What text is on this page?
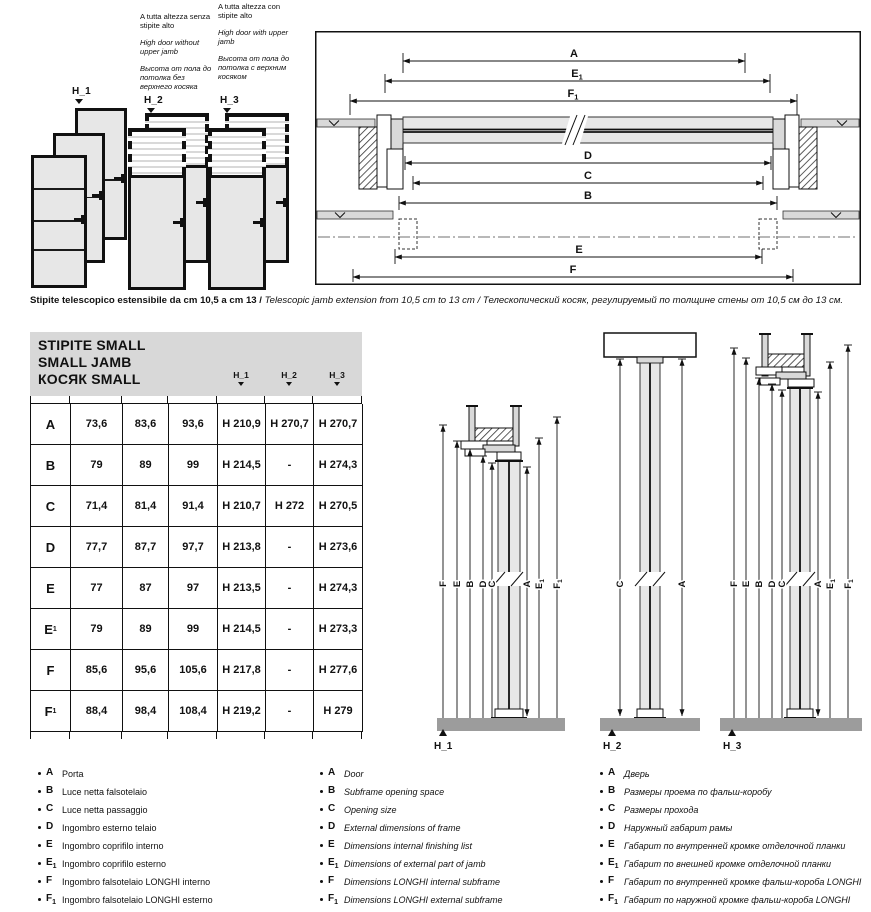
A tutta altezza senza stipite alto
High door without upper jamb
Высота от пола до потолка без верхнего косяка
A tutta altezza con stipite alto
High door with upper jamb
Высота от пола до потолка с верхним косяком
H_1
H_2	H_3
A
$E_1$
$F_1$
D
C
B
E
F
Stipite telescopico estensibile da cm 10,5 a cm 13 / Telescopic jamb extension from 10,5 cm to 13 cm / Телескопический косяк, регулируемый по толщине стены от 10,5 см до 13 см.
STIPITE SMALL
SMALL JAMB
КОСЯК SMALL	H_1	H_2	H_3
A	73,6	83,6	93,6	H 210,9 H 270,7 H 270,7
B	79	89	99	H 214,5	-	H 274,3
C	71,4	81,4	91,4	H 210,7	H 272	H 270,5
D	77,7	87,7	97,7	H 213,8	-	H 273,6
E	77	87	97	H 213,5	-	H 274,3
E 1	79	89	99	H 214,5	-	H 273,3
F	85,6	95,6	105,6	H 217,8	-	H 277,6
F 1	88,4	98,4	108,4	H 219,2	-	H 279
F E B D
C	A $E_1$
$F_1$
H_1
C	A
H_2
F E B D C	A $E_1$
$F_1$
H_3
A Porta
B Luce netta falsotelaio
C Luce netta passaggio
D Ingombro esterno telaio
E	Ingombro coprifilo interno
$E_1$ Ingombro coprifilo esterno
F	Ingombro falsotelaio LONGHI interno
$F_1$ Ingombro falsotelaio LONGHI esterno
A Door
B Subframe opening space
C Opening size
D External dimensions of frame
E	Dimensions internal finishing list
$E_1$ Dimensions of external part of jamb
F	Dimensions LONGHI internal subframe
$F_1$ Dimensions LONGHI external subframe
A Дверь
B Размеры проема по фальш-коробу
C Размеры прохода
D Наружный габарит рамы
E	Габарит по внутренней кромке отделочной планки
$E_1$ Габарит по внешней кромке отделочной планки
F	Габарит по внутренней кромке фальш-короба LONGHI
$F_1$ Габарит по наружной кромке фальш-короба LONGHI
